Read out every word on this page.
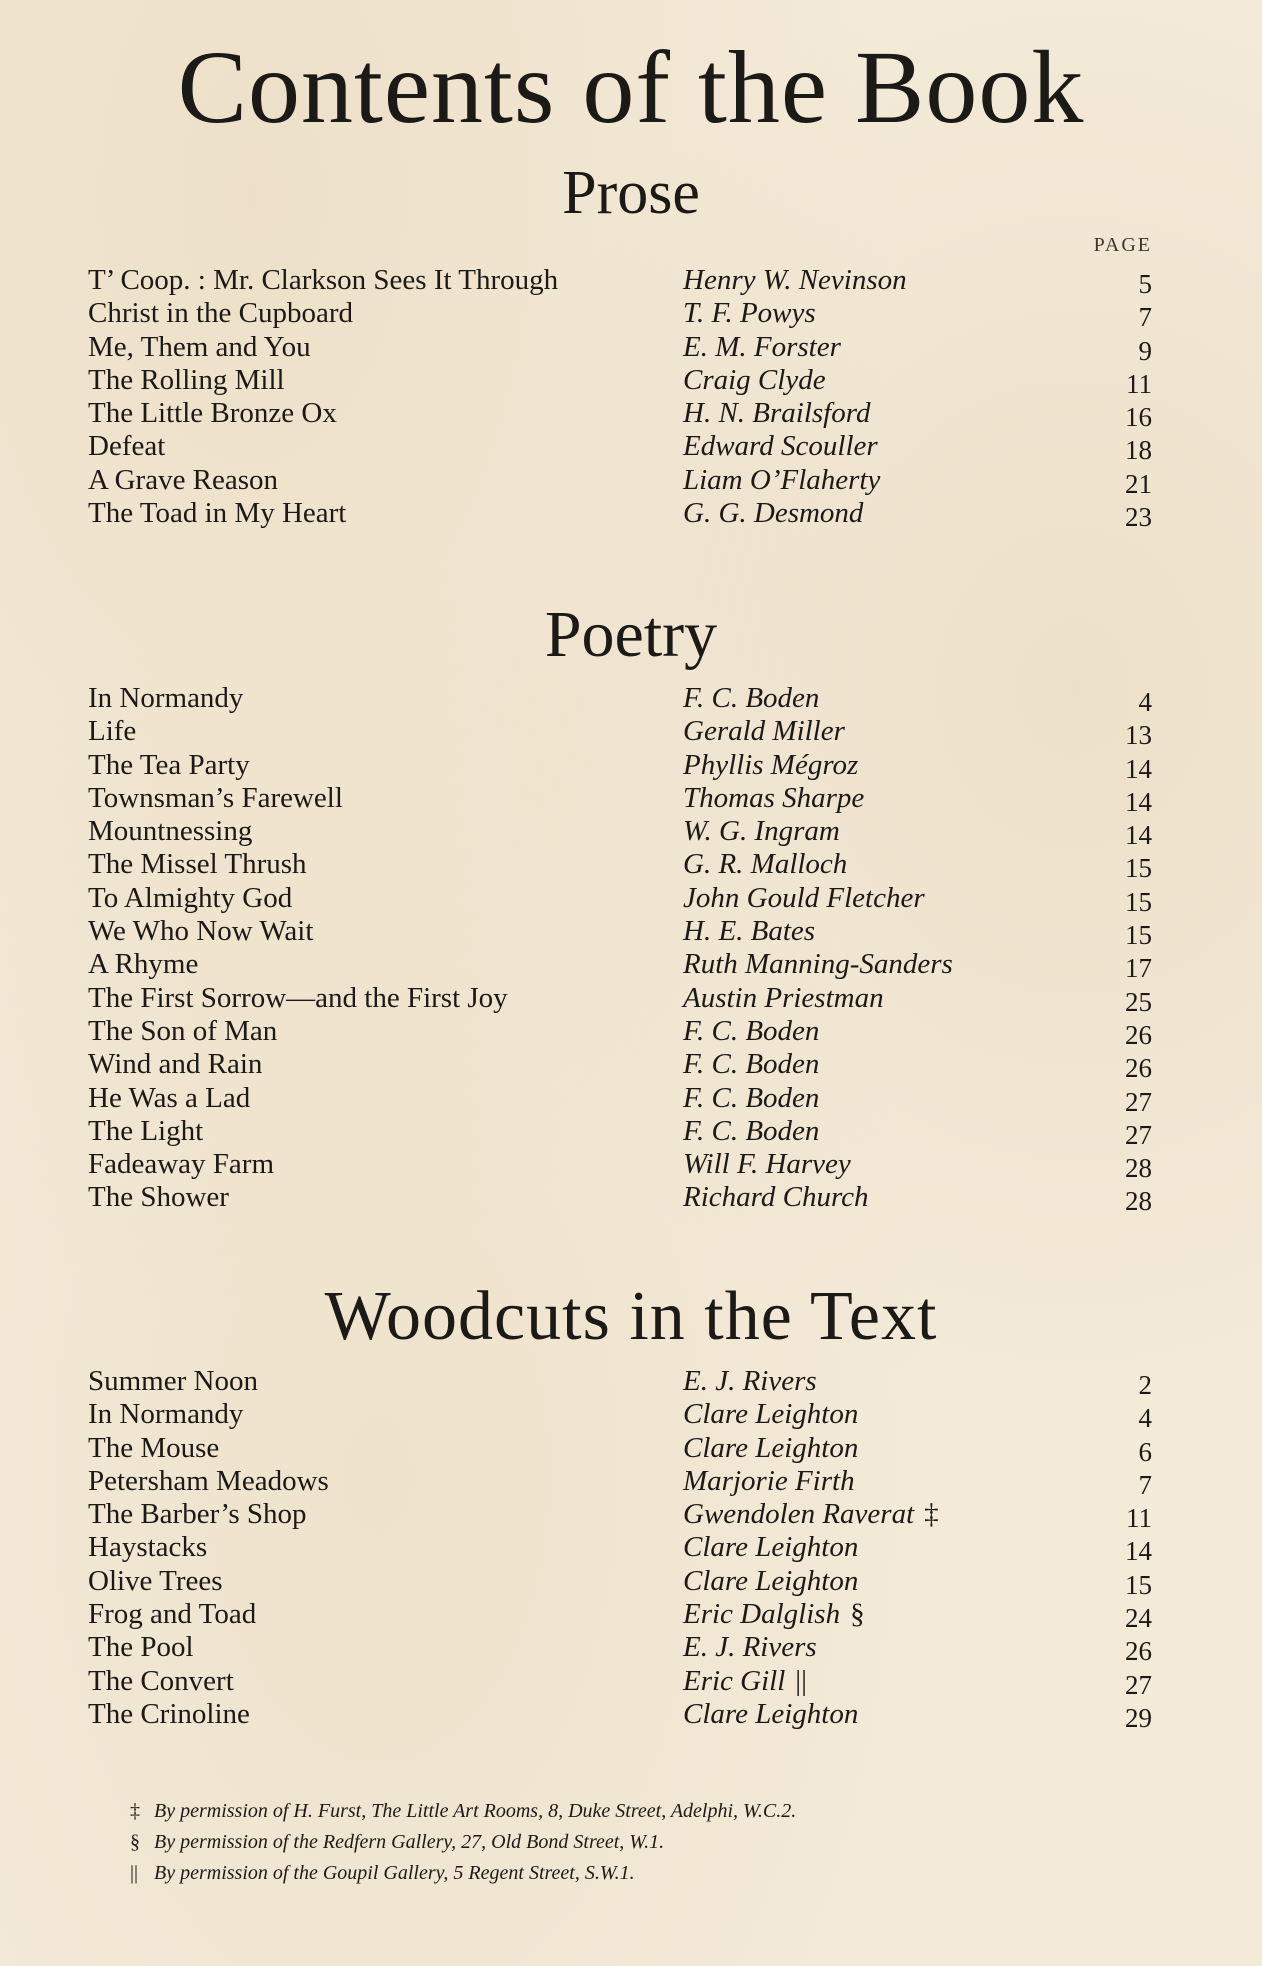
Contents of the Book
Prose
PAGE
T’ Coop. : Mr. Clarkson Sees It Through	Henry W. Nevinson	5
Christ in the Cupboard	T. F. Powys	7
Me, Them and You	E. M. Forster	9
The Rolling Mill	Craig Clyde	11
The Little Bronze Ox	H. N. Brailsford	16
Defeat	Edward Scouller	18
A Grave Reason	Liam O’Flaherty	21
The Toad in My Heart	G. G. Desmond	23
Poetry
In Normandy	F. C. Boden	4
Life	Gerald Miller	13
The Tea Party	Phyllis Mégroz	14
Townsman’s Farewell	Thomas Sharpe	14
Mountnessing	W. G. Ingram	14
The Missel Thrush	G. R. Malloch	15
To Almighty God	John Gould Fletcher	15
We Who Now Wait	H. E. Bates	15
A Rhyme	Ruth Manning-Sanders	17
The First Sorrow—and the First Joy	Austin Priestman	25
The Son of Man	F. C. Boden	26
Wind and Rain	F. C. Boden	26
He Was a Lad	F. C. Boden	27
The Light	F. C. Boden	27
Fadeaway Farm	Will F. Harvey	28
The Shower	Richard Church	28
Woodcuts in the Text
Summer Noon	E. J. Rivers	2
In Normandy	Clare Leighton	4
The Mouse	Clare Leighton	6
Petersham Meadows	Marjorie Firth	7
The Barber’s Shop	Gwendolen Raverat ‡	11
Haystacks	Clare Leighton	14
Olive Trees	Clare Leighton	15
Frog and Toad	Eric Dalglish §	24
The Pool	E. J. Rivers	26
The Convert	Eric Gill ||	27
The Crinoline	Clare Leighton	29
‡ By permission of H. Furst, The Little Art Rooms, 8, Duke Street, Adelphi, W.C.2.
§ By permission of the Redfern Gallery, 27, Old Bond Street, W.1.
|| By permission of the Goupil Gallery, 5 Regent Street, S.W.1.
